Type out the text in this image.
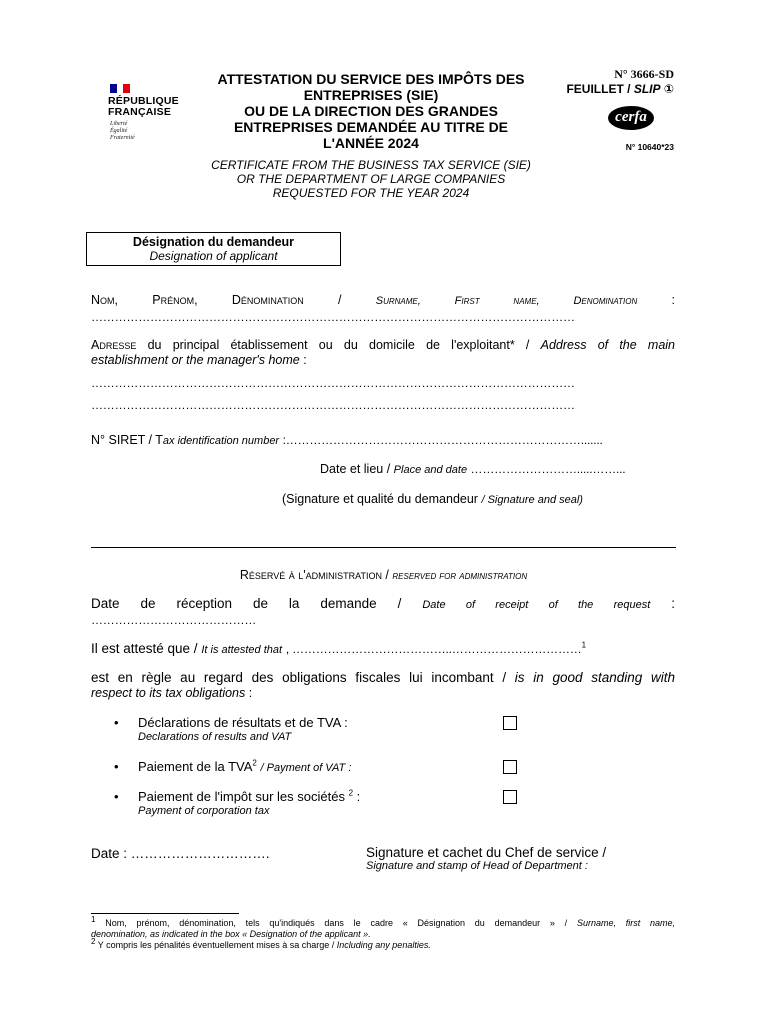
RÉPUBLIQUE
FRANÇAISE
Liberté
Égalité
Fraternité
ATTESTATION DU SERVICE DES IMPÔTS DES
ENTREPRISES (SIE)
OU DE LA DIRECTION DES GRANDES
ENTREPRISES DEMANDÉE AU TITRE DE
L'ANNÉE 2024
CERTIFICATE FROM THE BUSINESS TAX SERVICE (SIE)
OR THE DEPARTMENT OF LARGE COMPANIES
REQUESTED FOR THE YEAR 2024
N° 3666-SD
FEUILLET / SLIP ①
cerfa
N° 10640*23
Désignation du demandeur
Designation of applicant
Nom, Prénom, Dénomination /	Surname, First name, Denomination	:
……………………………………………………………………………………………………………
Adresse du principal établissement ou du domicile de l'exploitant* / Address of the main
establishment or the manager's home :
……………………………………………………………………………………………………………
……………………………………………………………………………………………………………
N° SIRET / Tax identification number :………………………………………………………………….......
Date et lieu / Place and date ……………………….....……...
(Signature et qualité du demandeur / Signature and seal)
Réservé à l'administration / reserved for administration
Date de réception de la demande / Date of receipt of the request :
……………………………………
Il est attesté que / It is attested that , …………………………………..……………………………$^1$
est en règle au regard des obligations fiscales lui incombant / is in good standing with
respect to its tax obligations :
• Déclarations de résultats et de TVA :
Declarations of results and VAT
• Paiement de la TVA$^2$ / Payment of VAT :
• Paiement de l'impôt sur les sociétés $^2$ :
Payment of corporation tax
Date : ………………………….	Signature et cachet du Chef de service /
Signature and stamp of Head of Department :
$^1$ Nom, prénom, dénomination, tels qu'indiqués dans le cadre « Désignation du demandeur » / Surname, first name,
denomination, as indicated in the box « Designation of the applicant ».
$^2$ Y compris les pénalités éventuellement mises à sa charge / Including any penalties.
